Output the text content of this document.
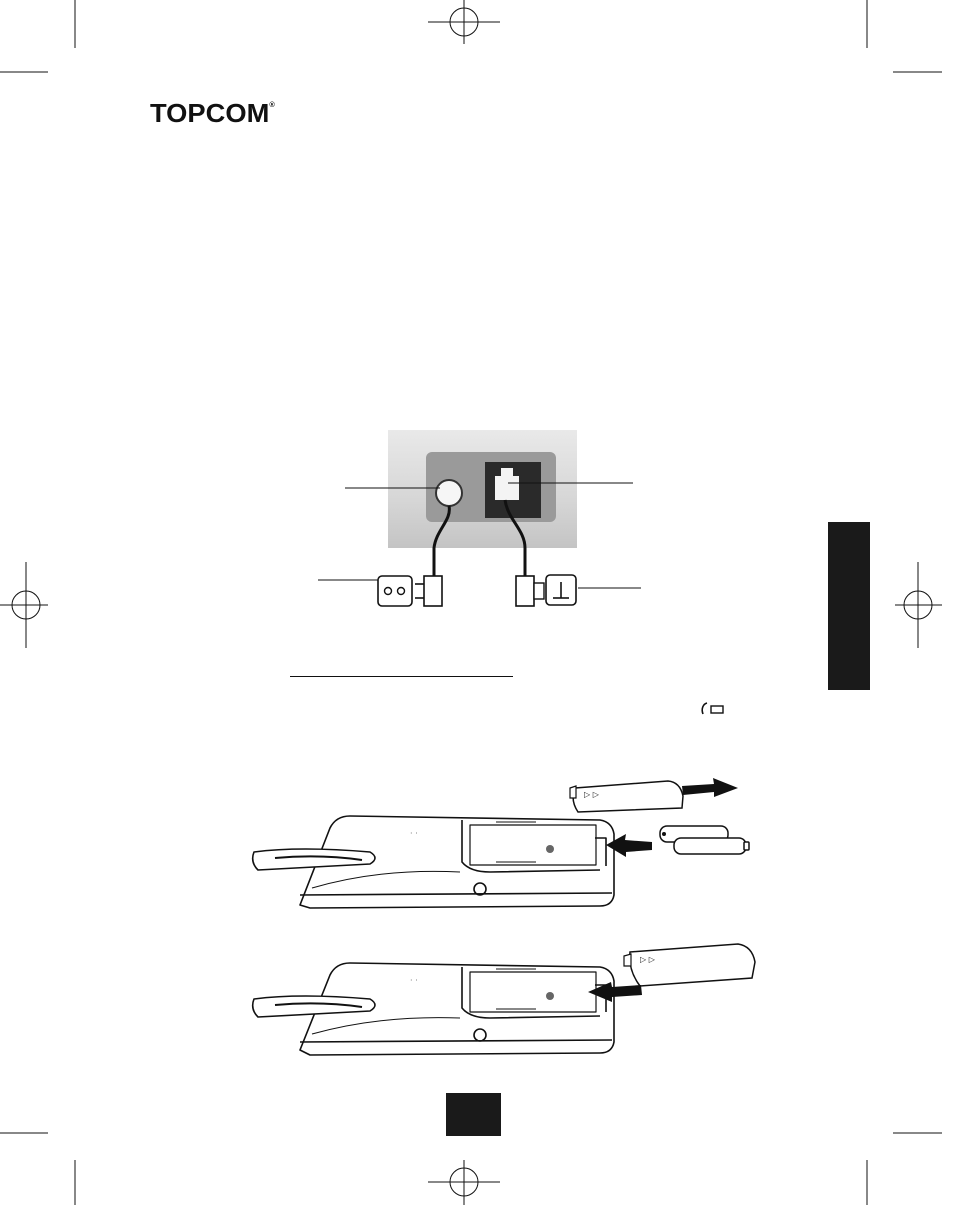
TOPCOM®
· ·
▷ ▷
· ·
▷ ▷
